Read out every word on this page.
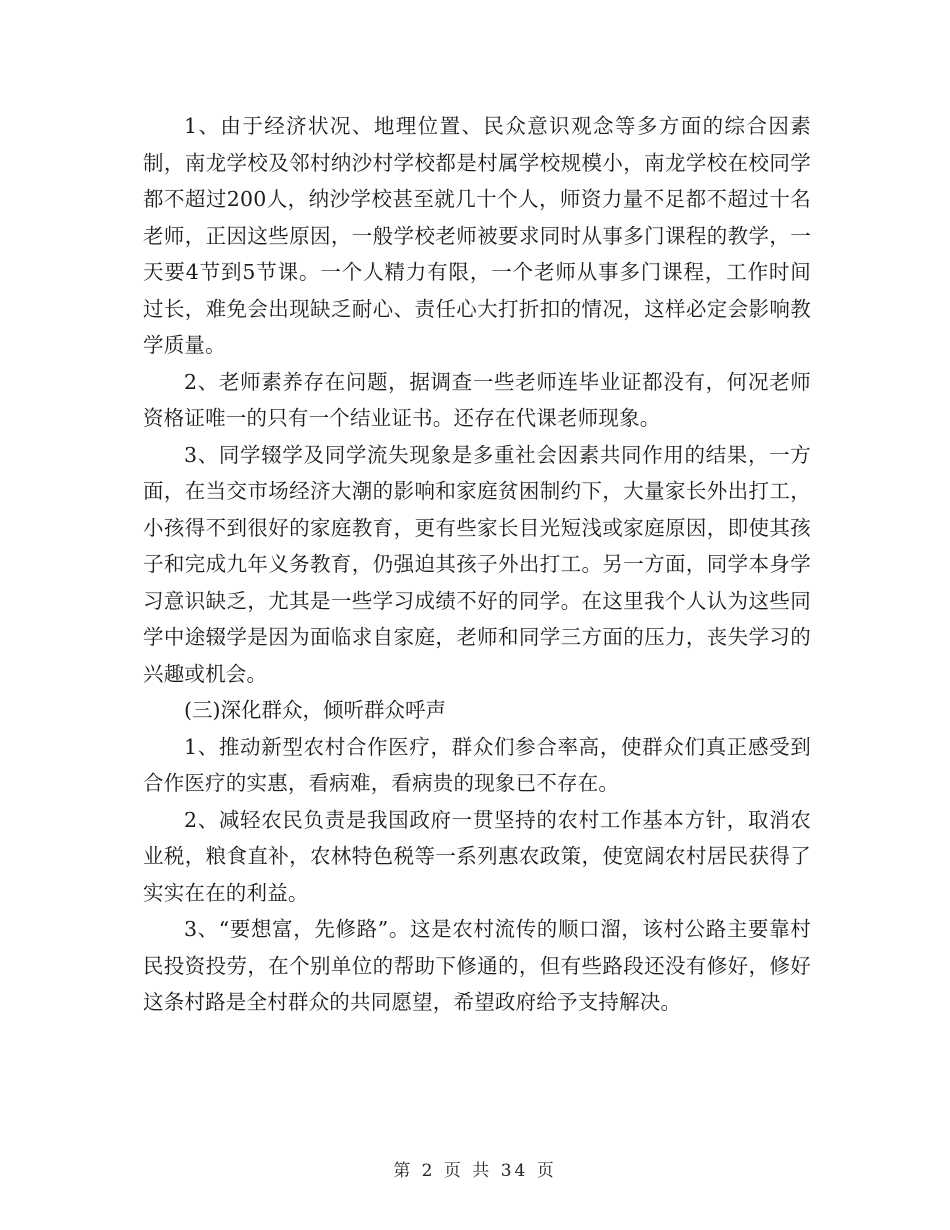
1、由于经济状况、地理位置、民众意识观念等多方面的综合因素制，南龙学校及邻村纳沙村学校都是村属学校规模小，南龙学校在校同学都不超过200人，纳沙学校甚至就几十个人，师资力量不足都不超过十名老师，正因这些原因，一般学校老师被要求同时从事多门课程的教学，一天要4节到5节课。一个人精力有限，一个老师从事多门课程，工作时间过长，难免会出现缺乏耐心、责任心大打折扣的情况，这样必定会影响教学质量。

2、老师素养存在问题，据调查一些老师连毕业证都没有，何况老师资格证唯一的只有一个结业证书。还存在代课老师现象。

3、同学辍学及同学流失现象是多重社会因素共同作用的结果，一方面，在当交市场经济大潮的影响和家庭贫困制约下，大量家长外出打工，小孩得不到很好的家庭教育，更有些家长目光短浅或家庭原因，即使其孩子和完成九年义务教育，仍强迫其孩子外出打工。另一方面，同学本身学习意识缺乏，尤其是一些学习成绩不好的同学。在这里我个人认为这些同学中途辍学是因为面临求自家庭，老师和同学三方面的压力，丧失学习的兴趣或机会。

(三)深化群众，倾听群众呼声

1、推动新型农村合作医疗，群众们参合率高，使群众们真正感受到合作医疗的实惠，看病难，看病贵的现象已不存在。

2、减轻农民负责是我国政府一贯坚持的农村工作基本方针，取消农业税，粮食直补，农林特色税等一系列惠农政策，使宽阔农村居民获得了实实在在的利益。

3、“要想富，先修路”。这是农村流传的顺口溜，该村公路主要靠村民投资投劳，在个别单位的帮助下修通的，但有些路段还没有修好，修好这条村路是全村群众的共同愿望，希望政府给予支持解决。

第 2 页 共 34 页
